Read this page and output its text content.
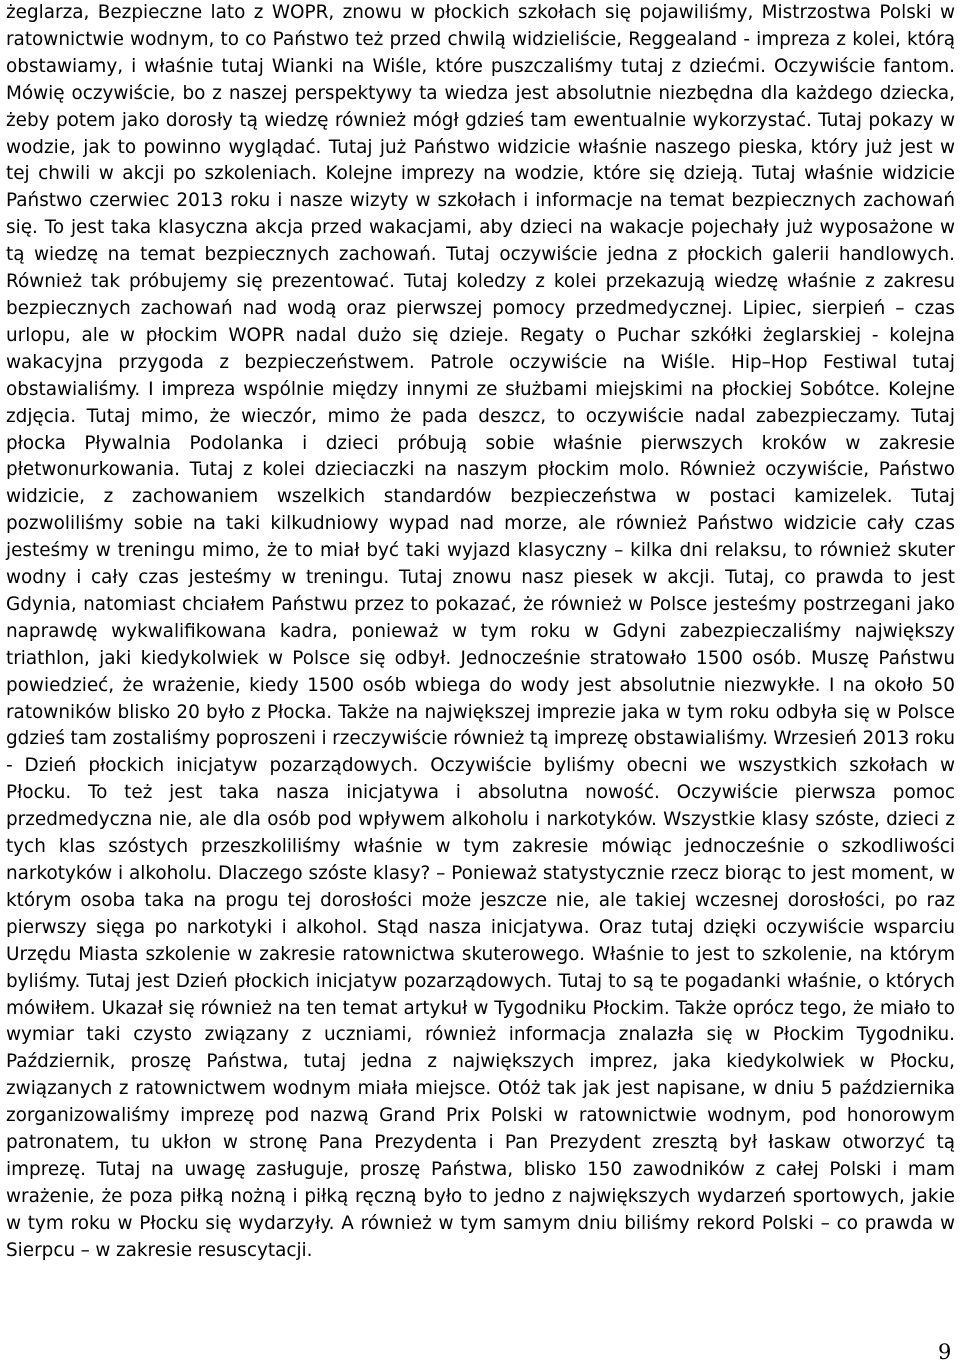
żeglarza, Bezpieczne lato z WOPR, znowu w płockich szkołach się pojawiliśmy, Mistrzostwa Polski w ratownictwie wodnym, to co Państwo też przed chwilą widzieliście, Reggealand - impreza z kolei, którą obstawiamy, i właśnie tutaj Wianki na Wiśle, które puszczaliśmy tutaj z dziećmi. Oczywiście fantom. Mówię oczywiście, bo z naszej perspektywy ta wiedza jest absolutnie niezbędna dla każdego dziecka, żeby potem jako dorosły tą wiedzę również mógł gdzieś tam ewentualnie wykorzystać. Tutaj pokazy w wodzie, jak to powinno wyglądać. Tutaj już Państwo widzicie właśnie naszego pieska, który już jest w tej chwili w akcji po szkoleniach. Kolejne imprezy na wodzie, które się dzieją. Tutaj właśnie widzicie Państwo czerwiec 2013 roku i nasze wizyty w szkołach i informacje na temat bezpiecznych zachowań się. To jest taka klasyczna akcja przed wakacjami, aby dzieci na wakacje pojechały już wyposażone w tą wiedzę na temat bezpiecznych zachowań. Tutaj oczywiście jedna z płockich galerii handlowych. Również tak próbujemy się prezentować. Tutaj koledzy z kolei przekazują wiedzę właśnie z zakresu bezpiecznych zachowań nad wodą oraz pierwszej pomocy przedmedycznej. Lipiec, sierpień – czas urlopu, ale w płockim WOPR nadal dużo się dzieje. Regaty o Puchar szkółki żeglarskiej - kolejna wakacyjna przygoda z bezpieczeństwem. Patrole oczywiście na Wiśle. Hip–Hop Festiwal tutaj obstawialiśmy. I impreza wspólnie między innymi ze służbami miejskimi na płockiej Sobótce. Kolejne zdjęcia. Tutaj mimo, że wieczór, mimo że pada deszcz, to oczywiście nadal zabezpieczamy. Tutaj płocka Pływalnia Podolanka i dzieci próbują sobie właśnie pierwszych kroków w zakresie płetwonurkowania. Tutaj z kolei dzieciaczki na naszym płockim molo. Również oczywiście, Państwo widzicie, z zachowaniem wszelkich standardów bezpieczeństwa w postaci kamizelek. Tutaj pozwoliliśmy sobie na taki kilkudniowy wypad nad morze, ale również Państwo widzicie cały czas jesteśmy w treningu mimo, że to miał być taki wyjazd klasyczny – kilka dni relaksu, to również skuter wodny i cały czas jesteśmy w treningu. Tutaj znowu nasz piesek w akcji. Tutaj, co prawda to jest Gdynia, natomiast chciałem Państwu przez to pokazać, że również w Polsce jesteśmy postrzegani jako naprawdę wykwalifikowana kadra, ponieważ w tym roku w Gdyni zabezpieczaliśmy największy triathlon, jaki kiedykolwiek w Polsce się odbył. Jednocześnie stratowało 1500 osób. Muszę Państwu powiedzieć, że wrażenie, kiedy 1500 osób wbiega do wody jest absolutnie niezwykłe. I na około 50 ratowników blisko 20 było z Płocka. Także na największej imprezie jaka w tym roku odbyła się w Polsce gdzieś tam zostaliśmy poproszeni i rzeczywiście również tą imprezę obstawialiśmy. Wrzesień 2013 roku - Dzień płockich inicjatyw pozarządowych. Oczywiście byliśmy obecni we wszystkich szkołach w Płocku. To też jest taka nasza inicjatywa i absolutna nowość. Oczywiście pierwsza pomoc przedmedyczna nie, ale dla osób pod wpływem alkoholu i narkotyków. Wszystkie klasy szóste, dzieci z tych klas szóstych przeszkoliliśmy właśnie w tym zakresie mówiąc jednocześnie o szkodliwości narkotyków i alkoholu. Dlaczego szóste klasy? – Ponieważ statystycznie rzecz biorąc to jest moment, w którym osoba taka na progu tej dorosłości może jeszcze nie, ale takiej wczesnej dorosłości, po raz pierwszy sięga po narkotyki i alkohol. Stąd nasza inicjatywa. Oraz tutaj dzięki oczywiście wsparciu Urzędu Miasta szkolenie w zakresie ratownictwa skuterowego. Właśnie to jest to szkolenie, na którym byliśmy. Tutaj jest Dzień płockich inicjatyw pozarządowych. Tutaj to są te pogadanki właśnie, o których mówiłem. Ukazał się również na ten temat artykuł w Tygodniku Płockim. Także oprócz tego, że miało to wymiar taki czysto związany z uczniami, również informacja znalazła się w Płockim Tygodniku. Październik, proszę Państwa, tutaj jedna z największych imprez, jaka kiedykolwiek w Płocku, związanych z ratownictwem wodnym miała miejsce. Otóż tak jak jest napisane, w dniu 5 października zorganizowaliśmy imprezę pod nazwą Grand Prix Polski w ratownictwie wodnym, pod honorowym patronatem, tu ukłon w stronę Pana Prezydenta i Pan Prezydent zresztą był łaskaw otworzyć tą imprezę. Tutaj na uwagę zasługuje, proszę Państwa, blisko 150 zawodników z całej Polski i mam wrażenie, że poza piłką nożną i piłką ręczną było to jedno z największych wydarzeń sportowych, jakie w tym roku w Płocku się wydarzyły. A również w tym samym dniu biliśmy rekord Polski – co prawda w Sierpcu – w zakresie resuscytacji.

9
